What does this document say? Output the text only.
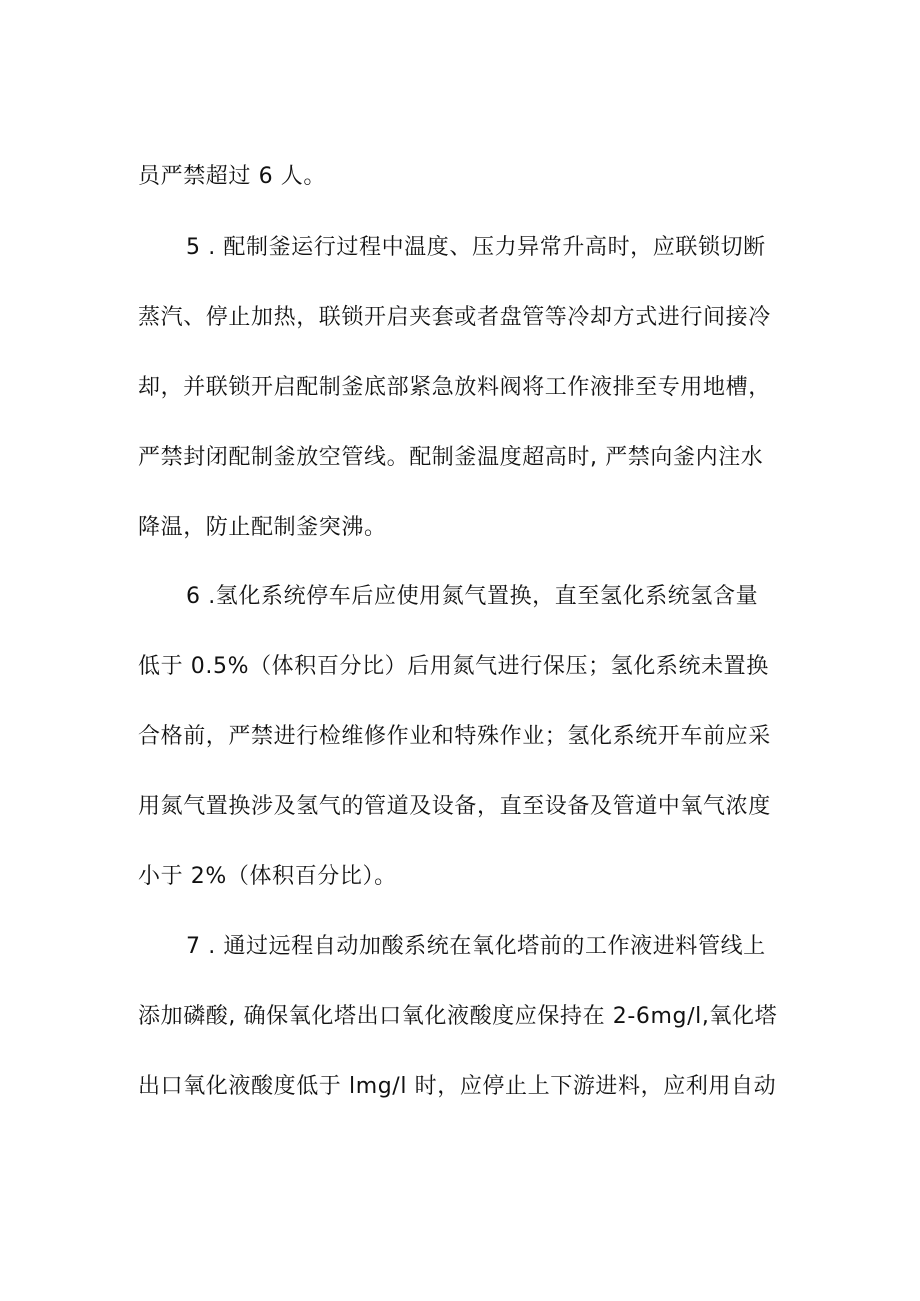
员严禁超过 6 人。
5 . 配制釜运行过程中温度、压力异常升高时，应联锁切断
蒸汽、停止加热，联锁开启夹套或者盘管等冷却方式进行间接冷
却，并联锁开启配制釜底部紧急放料阀将工作液排至专用地槽，
严禁封闭配制釜放空管线。配制釜温度超高时, 严禁向釜内注水
降温，防止配制釜突沸。
6 .氢化系统停车后应使用氮气置换，直至氢化系统氢含量
低于 0.5%（体积百分比）后用氮气进行保压；氢化系统未置换
合格前，严禁进行检维修作业和特殊作业；氢化系统开车前应采
用氮气置换涉及氢气的管道及设备，直至设备及管道中氧气浓度
小于 2%（体积百分比）。
7 . 通过远程自动加酸系统在氧化塔前的工作液进料管线上
添加磷酸, 确保氧化塔出口氧化液酸度应保持在 2-6mg∕l,氧化塔
出口氧化液酸度低于 lmg/l 时，应停止上下游进料，应利用自动
